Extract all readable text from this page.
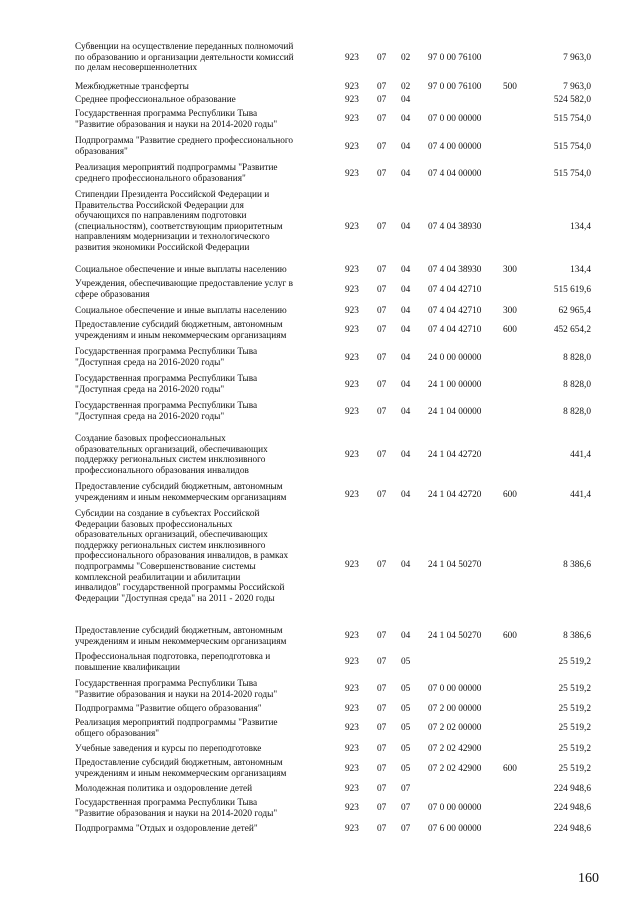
Субвенции на осуществление переданных полномочий
по образованию и организации деятельности комиссий
по делам несовершеннолетних
923 07 02 97 0 00 76100	7 963,0
Межбюджетные трансферты	923 07 02 97 0 00 76100 500	7 963,0
Среднее профессиональное образование	923 07 04	524 582,0
Государственная программа Республики Тыва
"Развитие образования и науки на 2014-2020 годы"
923 07 04 07 0 00 00000	515 754,0
Подпрограмма "Развитие среднего профессионального
образования"	923 07 04 07 4 00 00000	515 754,0
Реализация мероприятий подпрограммы "Развитие
среднего профессионального образования"	923 07 04 07 4 04 00000	515 754,0
Стипендии Президента Российской Федерации и
Правительства Российской Федерации для
обучающихся по направлениям подготовки
(специальностям), соответствующим приоритетным
направлениям модернизации и технологического
развития экономики Российской Федерации
923 07 04 07 4 04 38930	134,4
Социальное обеспечение и иные выплаты населению	923 07 04 07 4 04 38930 300	134,4
Учреждения, обеспечивающие предоставление услуг в
сфере образования	923 07 04 07 4 04 42710	515 619,6
Социальное обеспечение и иные выплаты населению	923 07 04 07 4 04 42710 300	62 965,4
Предоставление субсидий бюджетным, автономным
учреждениям и иным некоммерческим организациям
923 07 04 07 4 04 42710 600	452 654,2
Государственная программа Республики Тыва
"Доступная среда на 2016-2020 годы"	923 07 04 24 0 00 00000	8 828,0
Государственная программа Республики Тыва
"Доступная среда на 2016-2020 годы"	923 07 04 24 1 00 00000	8 828,0
Государственная программа Республики Тыва
"Доступная среда на 2016-2020 годы"	923 07 04 24 1 04 00000	8 828,0
Создание базовых профессиональных
образовательных организаций, обеспечивающих
поддержку региональных систем инклюзивного
профессионального образования инвалидов
923 07 04 24 1 04 42720	441,4
Предоставление субсидий бюджетным, автономным
учреждениям и иным некоммерческим организациям	923 07 04 24 1 04 42720 600	441,4
Субсидии на создание в субъектах Российской
Федерации базовых профессиональных
образовательных организаций, обеспечивающих
поддержку региональных систем инклюзивного
профессионального образования инвалидов, в рамках
подпрограммы "Совершенствование системы
комплексной реабилитации и абилитации
инвалидов" государственной программы Российской
Федерации "Доступная среда" на 2011 - 2020 годы
923 07 04 24 1 04 50270	8 386,6
Предоставление субсидий бюджетным, автономным
учреждениям и иным некоммерческим организациям
923 07 04 24 1 04 50270 600	8 386,6
Профессиональная подготовка, переподготовка и
повышение квалификации
923 07 05	25 519,2
Государственная программа Республики Тыва
"Развитие образования и науки на 2014-2020 годы"
923 07 05 07 0 00 00000	25 519,2
Подпрограмма "Развитие общего образования"	923 07 05 07 2 00 00000	25 519,2
Реализация мероприятий подпрограммы "Развитие
общего образования"
923 07 05 07 2 02 00000	25 519,2
Учебные заведения и курсы по переподготовке	923 07 05 07 2 02 42900	25 519,2
Предоставление субсидий бюджетным, автономным
учреждениям и иным некоммерческим организациям	923 07 05 07 2 02 42900 600	25 519,2
Молодежная политика и оздоровление детей	923 07 07	224 948,6
Государственная программа Республики Тыва
"Развитие образования и науки на 2014-2020 годы"
923 07 07 07 0 00 00000	224 948,6
Подпрограмма "Отдых и оздоровление детей"	923 07 07 07 6 00 00000	224 948,6
160
